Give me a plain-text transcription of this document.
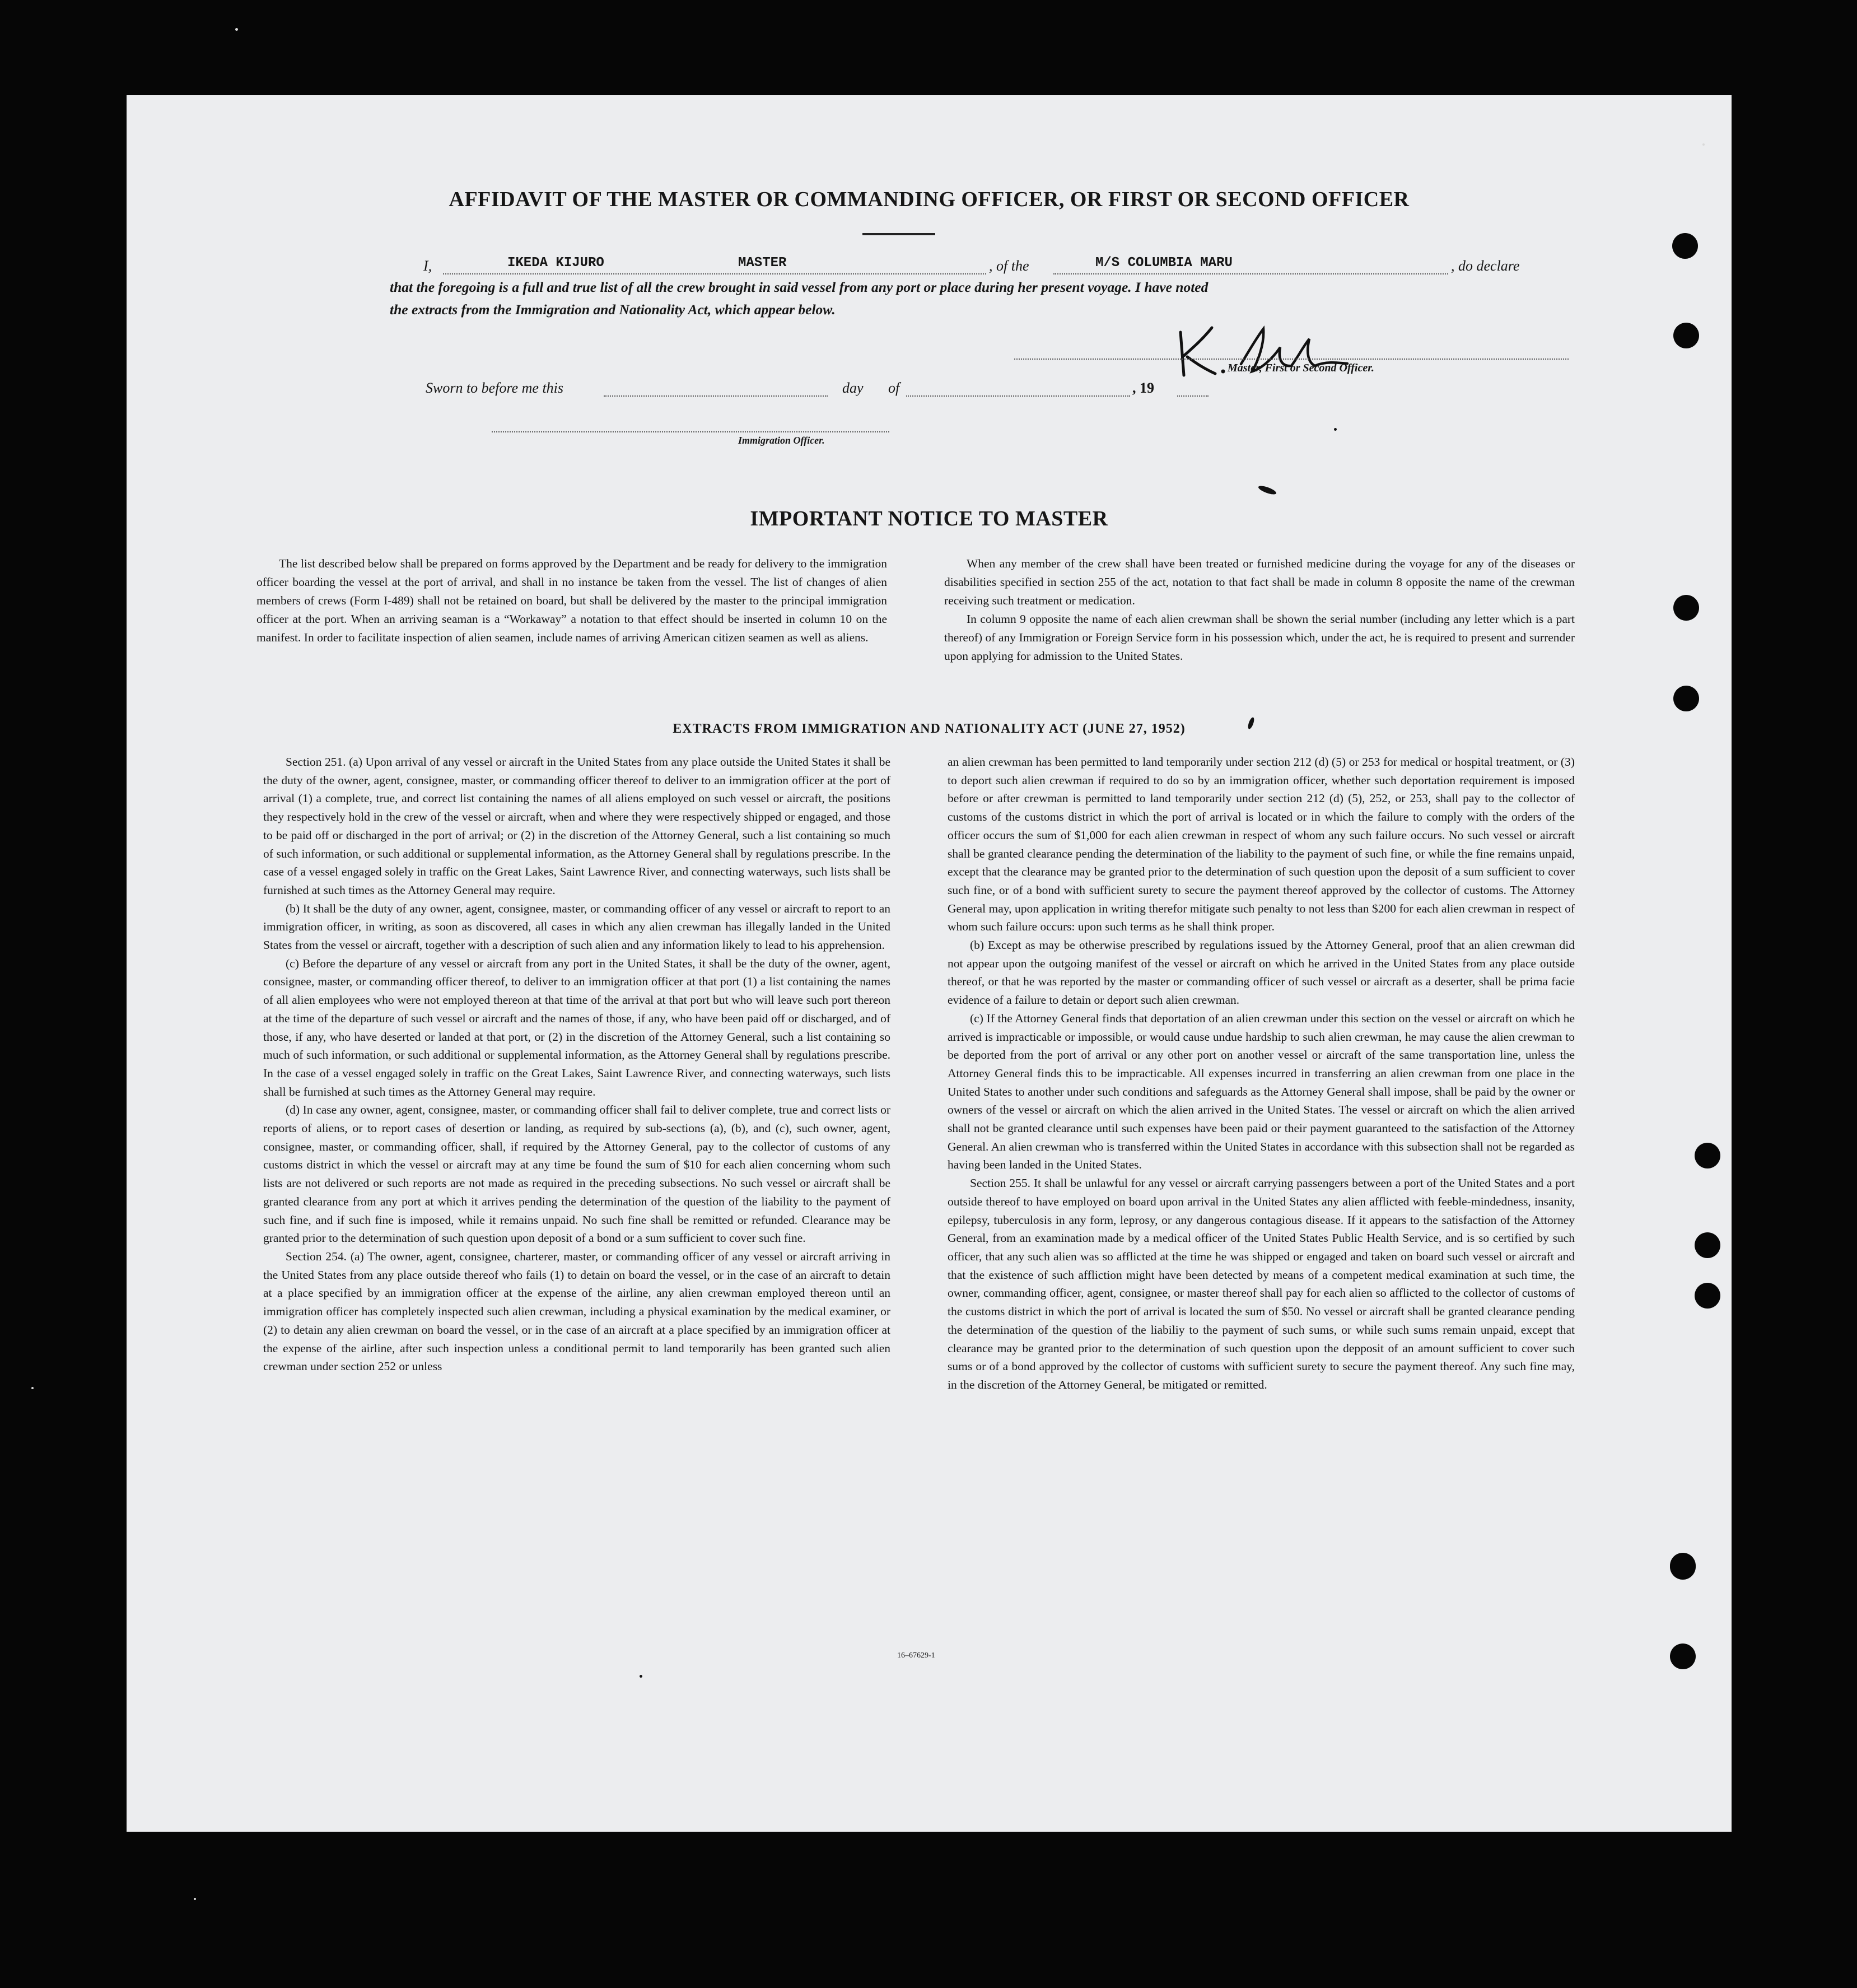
AFFIDAVIT OF THE MASTER OR COMMANDING OFFICER, OR FIRST OR SECOND OFFICER
I,	IKEDA KIJURO	MASTER	, of the	M/S COLUMBIA MARU	, do declare
that the foregoing is a full and true list of all the crew brought in said vessel from any port or place during her present voyage. I have noted
the extracts from the Immigration and Nationality Act, which appear below.
Master, First or Second Officer.
Sworn to before me this	day of	, 19
Immigration Officer.
IMPORTANT NOTICE TO MASTER

The list described below shall be prepared on forms approved by the Department and be ready for delivery to the immigration officer boarding the vessel at the port of arrival, and shall in no instance be taken from the vessel. The list of changes of alien members of crews (Form I-489) shall not be retained on board, but shall be delivered by the master to the principal immigration officer at the port. When an arriving seaman is a “Workaway” a notation to that effect should be inserted in column 10 on the manifest. In order to facilitate inspection of alien seamen, include names of arriving American citizen seamen as well as aliens.

When any member of the crew shall have been treated or furnished medicine during the voyage for any of the diseases or disabilities specified in section 255 of the act, notation to that fact shall be made in column 8 opposite the name of the crewman receiving such treatment or medication.

In column 9 opposite the name of each alien crewman shall be shown the serial number (including any letter which is a part thereof) of any Immigration or Foreign Service form in his possession which, under the act, he is required to present and surrender upon applying for admission to the United States.

EXTRACTS FROM IMMIGRATION AND NATIONALITY ACT (JUNE 27, 1952)

Section 251. (a) Upon arrival of any vessel or aircraft in the United States from any place outside the United States it shall be the duty of the owner, agent, consignee, master, or commanding officer thereof to deliver to an immigration officer at the port of arrival (1) a complete, true, and correct list containing the names of all aliens employed on such vessel or aircraft, the positions they respectively hold in the crew of the vessel or aircraft, when and where they were respectively shipped or engaged, and those to be paid off or discharged in the port of arrival; or (2) in the discretion of the Attorney General, such a list containing so much of such information, or such additional or supplemental information, as the Attorney General shall by regulations prescribe. In the case of a vessel engaged solely in traffic on the Great Lakes, Saint Lawrence River, and connecting waterways, such lists shall be furnished at such times as the Attorney General may require.

(b) It shall be the duty of any owner, agent, consignee, master, or commanding officer of any vessel or aircraft to report to an immigration officer, in writing, as soon as discovered, all cases in which any alien crewman has illegally landed in the United States from the vessel or aircraft, together with a description of such alien and any information likely to lead to his apprehension.

(c) Before the departure of any vessel or aircraft from any port in the United States, it shall be the duty of the owner, agent, consignee, master, or commanding officer thereof, to deliver to an immigration officer at that port (1) a list containing the names of all alien employees who were not employed thereon at that time of the arrival at that port but who will leave such port thereon at the time of the departure of such vessel or aircraft and the names of those, if any, who have been paid off or discharged, and of those, if any, who have deserted or landed at that port, or (2) in the discretion of the Attorney General, such a list containing so much of such information, or such additional or supplemental information, as the Attorney General shall by regulations prescribe. In the case of a vessel engaged solely in traffic on the Great Lakes, Saint Lawrence River, and connecting waterways, such lists shall be furnished at such times as the Attorney General may require.

(d) In case any owner, agent, consignee, master, or commanding officer shall fail to deliver complete, true and correct lists or reports of aliens, or to report cases of desertion or landing, as required by sub-sections (a), (b), and (c), such owner, agent, consignee, master, or commanding officer, shall, if required by the Attorney General, pay to the collector of customs of any customs district in which the vessel or aircraft may at any time be found the sum of $10 for each alien concerning whom such lists are not delivered or such reports are not made as required in the preceding subsections. No such vessel or aircraft shall be granted clearance from any port at which it arrives pending the determination of the question of the liability to the payment of such fine, and if such fine is imposed, while it remains unpaid. No such fine shall be remitted or refunded. Clearance may be granted prior to the determination of such question upon deposit of a bond or a sum sufficient to cover such fine.

Section 254. (a) The owner, agent, consignee, charterer, master, or commanding officer of any vessel or aircraft arriving in the United States from any place outside thereof who fails (1) to detain on board the vessel, or in the case of an aircraft to detain at a place specified by an immigration officer at the expense of the airline, any alien crewman employed thereon until an immigration officer has completely inspected such alien crewman, including a physical examination by the medical examiner, or (2) to detain any alien crewman on board the vessel, or in the case of an aircraft at a place specified by an immigration officer at the expense of the airline, after such inspection unless a conditional permit to land temporarily has been granted such alien crewman under section 252 or unless

an alien crewman has been permitted to land temporarily under section 212 (d) (5) or 253 for medical or hospital treatment, or (3) to deport such alien crewman if required to do so by an immigration officer, whether such deportation requirement is imposed before or after crewman is permitted to land temporarily under section 212 (d) (5), 252, or 253, shall pay to the collector of customs of the customs district in which the port of arrival is located or in which the failure to comply with the orders of the officer occurs the sum of $1,000 for each alien crewman in respect of whom any such failure occurs. No such vessel or aircraft shall be granted clearance pending the determination of the liability to the payment of such fine, or while the fine remains unpaid, except that the clearance may be granted prior to the determination of such question upon the deposit of a sum sufficient to cover such fine, or of a bond with sufficient surety to secure the payment thereof approved by the collector of customs. The Attorney General may, upon application in writing therefor mitigate such penalty to not less than $200 for each alien crewman in respect of whom such failure occurs: upon such terms as he shall think proper.

(b) Except as may be otherwise prescribed by regulations issued by the Attorney General, proof that an alien crewman did not appear upon the outgoing manifest of the vessel or aircraft on which he arrived in the United States from any place outside thereof, or that he was reported by the master or commanding officer of such vessel or aircraft as a deserter, shall be prima facie evidence of a failure to detain or deport such alien crewman.

(c) If the Attorney General finds that deportation of an alien crewman under this section on the vessel or aircraft on which he arrived is impracticable or impossible, or would cause undue hardship to such alien crewman, he may cause the alien crewman to be deported from the port of arrival or any other port on another vessel or aircraft of the same transportation line, unless the Attorney General finds this to be impracticable. All expenses incurred in transferring an alien crewman from one place in the United States to another under such conditions and safeguards as the Attorney General shall impose, shall be paid by the owner or owners of the vessel or aircraft on which the alien arrived in the United States. The vessel or aircraft on which the alien arrived shall not be granted clearance until such expenses have been paid or their payment guaranteed to the satisfaction of the Attorney General. An alien crewman who is transferred within the United States in accordance with this subsection shall not be regarded as having been landed in the United States.

Section 255. It shall be unlawful for any vessel or aircraft carrying passengers between a port of the United States and a port outside thereof to have employed on board upon arrival in the United States any alien afflicted with feeble-mindedness, insanity, epilepsy, tuberculosis in any form, leprosy, or any dangerous contagious disease. If it appears to the satisfaction of the Attorney General, from an examination made by a medical officer of the United States Public Health Service, and is so certified by such officer, that any such alien was so afflicted at the time he was shipped or engaged and taken on board such vessel or aircraft and that the existence of such affliction might have been detected by means of a competent medical examination at such time, the owner, commanding officer, agent, consignee, or master thereof shall pay for each alien so afflicted to the collector of customs of the customs district in which the port of arrival is located the sum of $50. No vessel or aircraft shall be granted clearance pending the determination of the question of the liabiliy to the payment of such sums, or while such sums remain unpaid, except that clearance may be granted prior to the determination of such question upon the depposit of an amount sufficient to cover such sums or of a bond approved by the collector of customs with sufficient surety to secure the payment thereof. Any such fine may, in the discretion of the Attorney General, be mitigated or remitted.

16–67629-1
